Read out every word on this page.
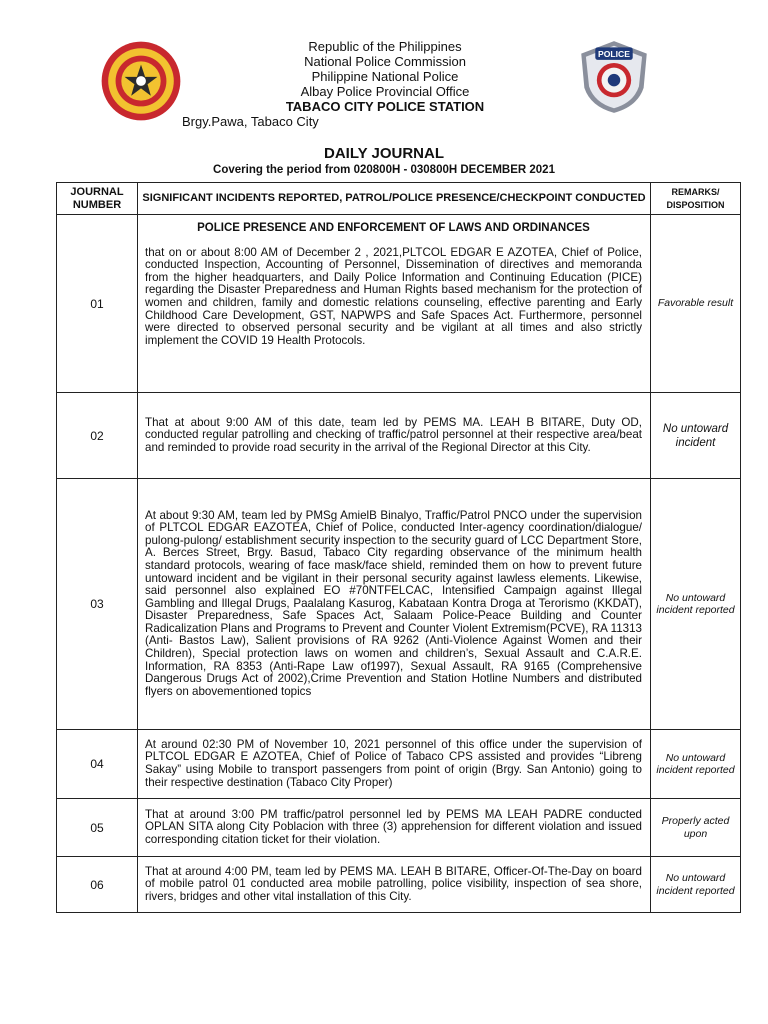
POLICE
Republic of the Philippines
National Police Commission
Philippine National Police
Albay Police Provincial Office
TABACO CITY POLICE STATION
Brgy.Pawa, Tabaco City
DAILY JOURNAL
Covering the period from 020800H - 030800H DECEMBER 2021
JOURNAL NUMBER	SIGNIFICANT INCIDENTS REPORTED, PATROL/POLICE PRESENCE/CHECKPOINT CONDUCTED	REMARKS/ DISPOSITION
01	POLICE PRESENCE AND ENFORCEMENT OF LAWS AND ORDINANCES
that on or about 8:00 AM of December 2 , 2021,PLTCOL EDGAR E AZOTEA, Chief of Police, conducted Inspection, Accounting of Personnel, Dissemination of directives and memoranda from the higher headquarters, and Daily Police Information and Continuing Education (PICE) regarding the Disaster Preparedness and Human Rights based mechanism for the protection of women and children, family and domestic relations counseling, effective parenting and Early Childhood Care Development, GST, NAPWPS and Safe Spaces Act. Furthermore, personnel were directed to observed personal security and be vigilant at all times and also strictly implement the COVID 19 Health Protocols.	Favorable result
02	That at about 9:00 AM of this date, team led by PEMS MA. LEAH B BITARE, Duty OD, conducted regular patrolling and checking of traffic/patrol personnel at their respective area/beat and reminded to provide road security in the arrival of the Regional Director at this City.	No untoward incident
03	At about 9:30 AM, team led by PMSg AmielB Binalyo, Traffic/Patrol PNCO under the supervision of PLTCOL EDGAR EAZOTEA, Chief of Police, conducted Inter-agency coordination/dialogue/ pulong-pulong/ establishment security inspection to the security guard of LCC Department Store, A. Berces Street, Brgy. Basud, Tabaco City regarding observance of the minimum health standard protocols, wearing of face mask/face shield, reminded them on how to prevent future untoward incident and be vigilant in their personal security against lawless elements. Likewise, said personnel also explained EO #70NTFELCAC, Intensified Campaign against Illegal Gambling and Illegal Drugs, Paalalang Kasurog, Kabataan Kontra Droga at Terorismo (KKDAT), Disaster Preparedness, Safe Spaces Act, Salaam Police-Peace Building and Counter Radicalization Plans and Programs to Prevent and Counter Violent Extremism(PCVE), RA 11313 (Anti- Bastos Law), Salient provisions of RA 9262 (Anti-Violence Against Women and their Children), Special protection laws on women and children’s, Sexual Assault and C.A.R.E. Information, RA 8353 (Anti-Rape Law of1997), Sexual Assault, RA 9165 (Comprehensive Dangerous Drugs Act of 2002),Crime Prevention and Station Hotline Numbers and distributed flyers on abovementioned topics	No untoward incident reported
04	At around 02:30 PM of November 10, 2021 personnel of this office under the supervision of PLTCOL EDGAR E AZOTEA, Chief of Police of Tabaco CPS assisted and provides “Libreng Sakay” using Mobile to transport passengers from point of origin (Brgy. San Antonio) going to their respective destination (Tabaco City Proper)	No untoward incident reported
05	That at around 3:00 PM traffic/patrol personnel led by PEMS MA LEAH PADRE conducted OPLAN SITA along City Poblacion with three (3) apprehension for different violation and issued corresponding citation ticket for their violation.	Properly acted upon
06	That at around 4:00 PM, team led by PEMS MA. LEAH B BITARE, Officer-Of-The-Day on board of mobile patrol 01 conducted area mobile patrolling, police visibility, inspection of sea shore, rivers, bridges and other vital installation of this City.	No untoward incident reported
